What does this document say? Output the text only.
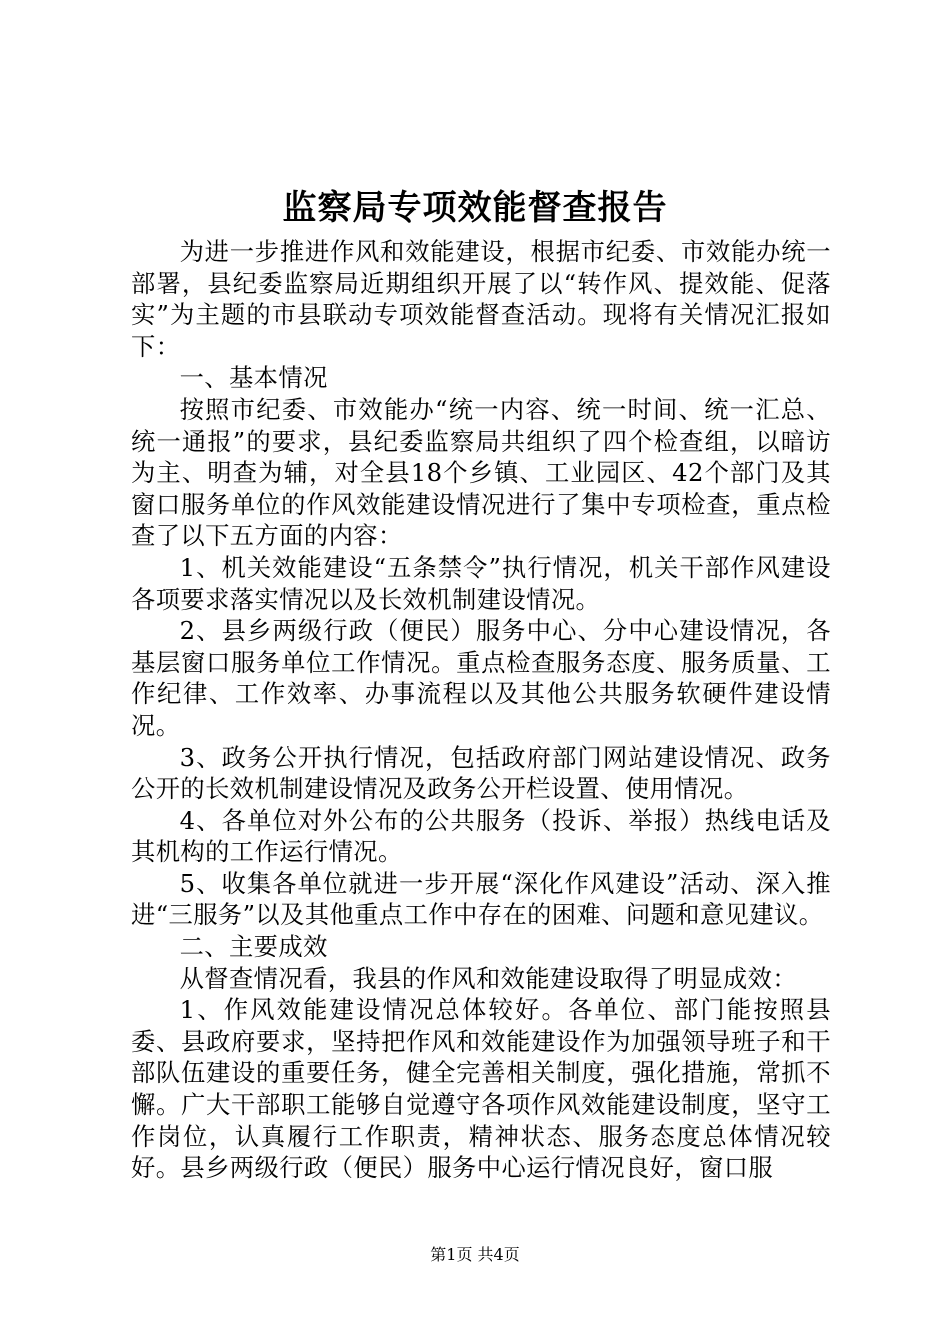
监察局专项效能督查报告

为进一步推进作风和效能建设，根据市纪委、市效能办统一部署，县纪委监察局近期组织开展了以“转作风、提效能、促落实”为主题的市县联动专项效能督查活动。现将有关情况汇报如下：

一、基本情况

按照市纪委、市效能办“统一内容、统一时间、统一汇总、统一通报”的要求，县纪委监察局共组织了四个检查组，以暗访为主、明查为辅，对全县18个乡镇、工业园区、42个部门及其窗口服务单位的作风效能建设情况进行了集中专项检查，重点检查了以下五方面的内容：

1、机关效能建设“五条禁令”执行情况，机关干部作风建设各项要求落实情况以及长效机制建设情况。

2、县乡两级行政（便民）服务中心、分中心建设情况，各基层窗口服务单位工作情况。重点检查服务态度、服务质量、工作纪律、工作效率、办事流程以及其他公共服务软硬件建设情况。

3、政务公开执行情况，包括政府部门网站建设情况、政务公开的长效机制建设情况及政务公开栏设置、使用情况。

4、各单位对外公布的公共服务（投诉、举报）热线电话及其机构的工作运行情况。

5、收集各单位就进一步开展“深化作风建设”活动、深入推进“三服务”以及其他重点工作中存在的困难、问题和意见建议。

二、主要成效

从督查情况看，我县的作风和效能建设取得了明显成效：

1、作风效能建设情况总体较好。各单位、部门能按照县委、县政府要求，坚持把作风和效能建设作为加强领导班子和干部队伍建设的重要任务，健全完善相关制度，强化措施，常抓不懈。广大干部职工能够自觉遵守各项作风效能建设制度，坚守工作岗位，认真履行工作职责，精神状态、服务态度总体情况较好。县乡两级行政（便民）服务中心运行情况良好，窗口服

第1页 共4页
